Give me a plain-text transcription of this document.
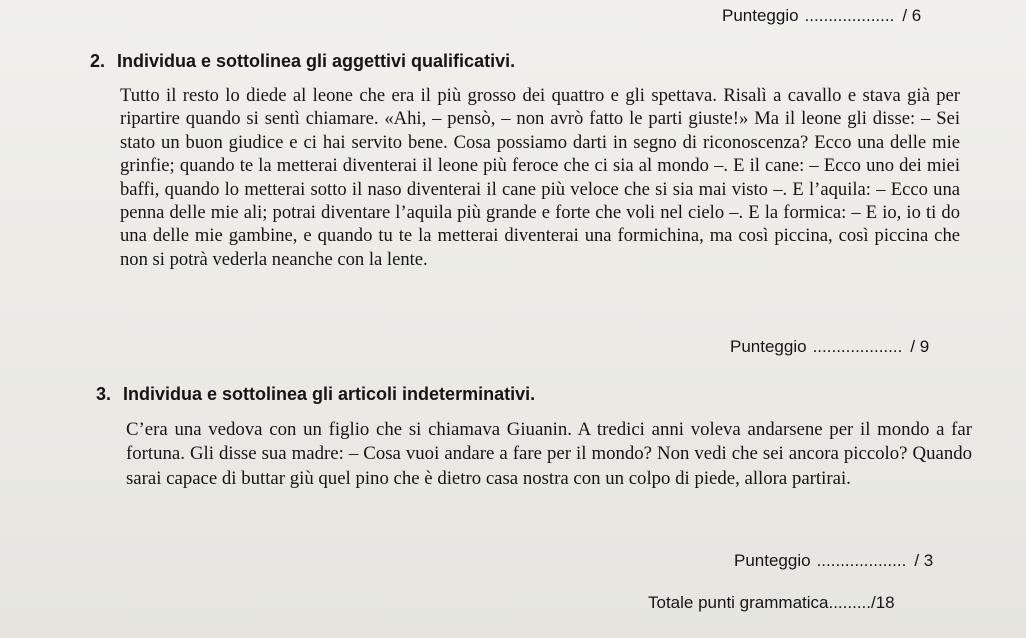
Punteggio ................... / 6
2. Individua e sottolinea gli aggettivi qualificativi.
Tutto il resto lo diede al leone che era il più grosso dei quattro e gli spettava. Risalì a cavallo e stava già per ripartire quando si sentì chiamare. «Ahi, – pensò, – non avrò fatto le parti giuste!» Ma il leone gli disse: – Sei stato un buon giudice e ci hai servito bene. Cosa possiamo darti in segno di riconoscenza? Ecco una delle mie grinfie; quando te la metterai diventerai il leone più feroce che ci sia al mondo –. E il cane: – Ecco uno dei miei baffi, quando lo metterai sotto il naso diventerai il cane più veloce che si sia mai visto –. E l’aquila: – Ecco una penna delle mie ali; potrai diventare l’aquila più grande e forte che voli nel cielo –. E la formica: – E io, io ti do una delle mie gambine, e quando tu te la metterai diventerai una formichina, ma così piccina, così piccina che non si potrà vederla neanche con la lente.
Punteggio ................... / 9
3. Individua e sottolinea gli articoli indeterminativi.
C’era una vedova con un figlio che si chiamava Giuanin. A tredici anni voleva andarsene per il mondo a far fortuna. Gli disse sua madre: – Cosa vuoi andare a fare per il mondo? Non vedi che sei ancora piccolo? Quando sarai capace di buttar giù quel pino che è dietro casa nostra con un colpo di piede, allora partirai.
Punteggio ................... / 3
Totale punti grammatica........./18
